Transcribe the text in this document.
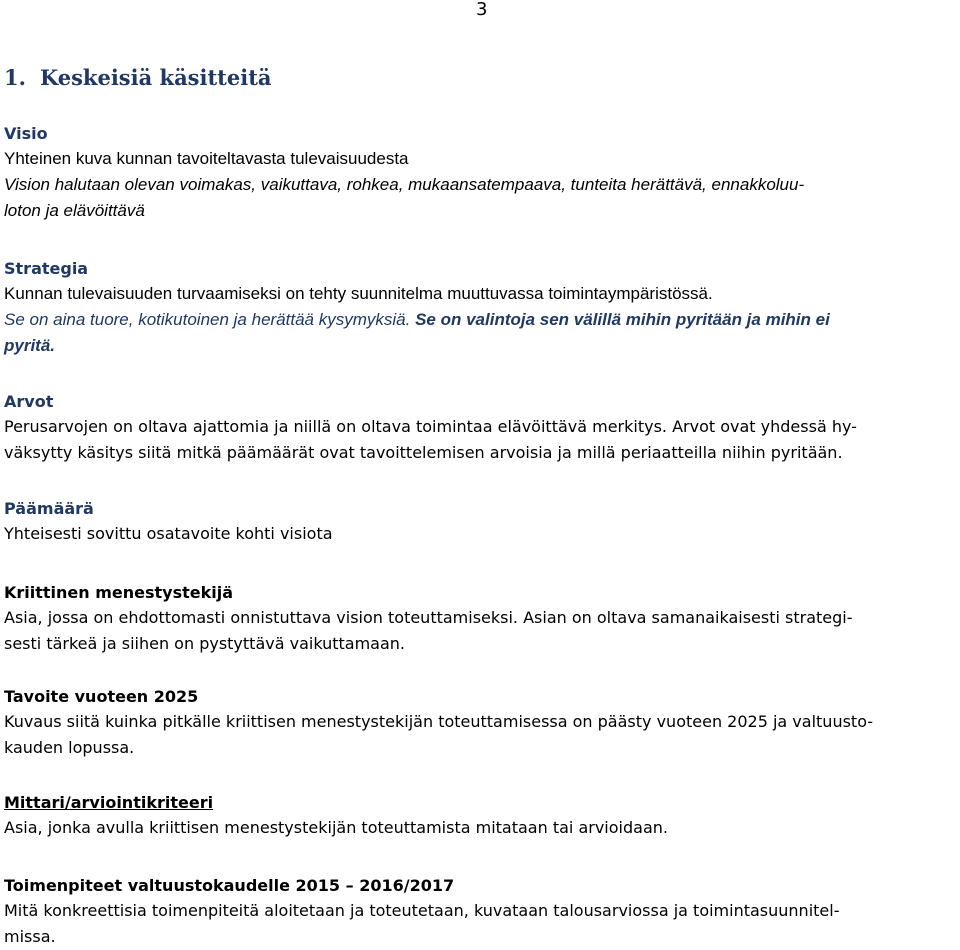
3
1. Keskeisiä käsitteitä
Visio
Yhteinen kuva kunnan tavoiteltavasta tulevaisuudesta
Vision halutaan olevan voimakas, vaikuttava, rohkea, mukaansatempaava, tunteita herättävä, ennakkoluu-
loton ja elävöittävä
Strategia
Kunnan tulevaisuuden turvaamiseksi on tehty suunnitelma muuttuvassa toimintaympäristössä.
Se on aina tuore, kotikutoinen ja herättää kysymyksiä. Se on valintoja sen välillä mihin pyritään ja mihin ei
pyritä.
Arvot
Perusarvojen on oltava ajattomia ja niillä on oltava toimintaa elävöittävä merkitys. Arvot ovat yhdessä hy-
väksytty käsitys siitä mitkä päämäärät ovat tavoittelemisen arvoisia ja millä periaatteilla niihin pyritään.
Päämäärä
Yhteisesti sovittu osatavoite kohti visiota
Kriittinen menestystekijä
Asia, jossa on ehdottomasti onnistuttava vision toteuttamiseksi. Asian on oltava samanaikaisesti strategi-
sesti tärkeä ja siihen on pystyttävä vaikuttamaan.
Tavoite vuoteen 2025
Kuvaus siitä kuinka pitkälle kriittisen menestystekijän toteuttamisessa on päästy vuoteen 2025 ja valtuusto-
kauden lopussa.
Mittari/arviointikriteeri
Asia, jonka avulla kriittisen menestystekijän toteuttamista mitataan tai arvioidaan.
Toimenpiteet valtuustokaudelle 2015 – 2016/2017
Mitä konkreettisia toimenpiteitä aloitetaan ja toteutetaan, kuvataan talousarviossa ja toimintasuunnitel-
missa.
